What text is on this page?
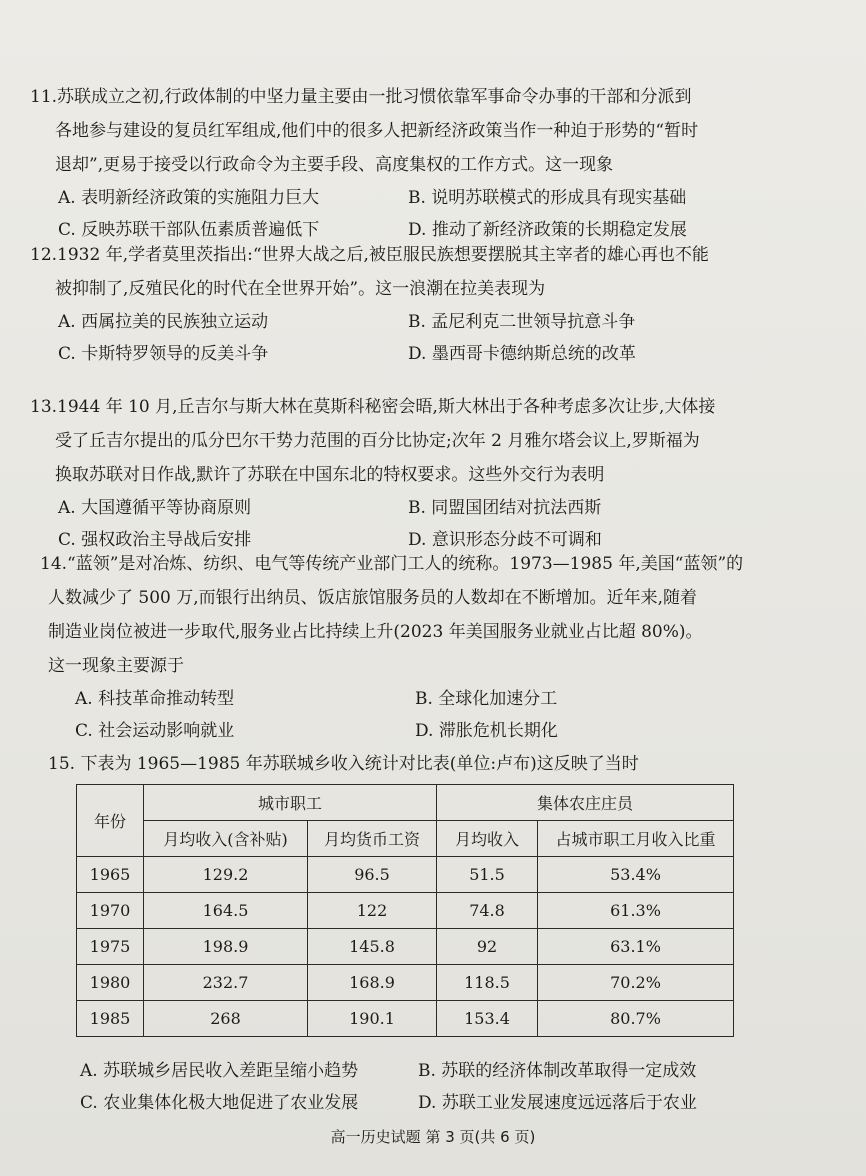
11.苏联成立之初,行政体制的中坚力量主要由一批习惯依靠军事命令办事的干部和分派到
各地参与建设的复员红军组成,他们中的很多人把新经济政策当作一种迫于形势的“暂时
退却”,更易于接受以行政命令为主要手段、高度集权的工作方式。这一现象
A. 表明新经济政策的实施阻力巨大	B. 说明苏联模式的形成具有现实基础
C. 反映苏联干部队伍素质普遍低下	D. 推动了新经济政策的长期稳定发展
12.1932 年,学者莫里茨指出:“世界大战之后,被臣服民族想要摆脱其主宰者的雄心再也不能
被抑制了,反殖民化的时代在全世界开始”。这一浪潮在拉美表现为
A. 西属拉美的民族独立运动	B. 孟尼利克二世领导抗意斗争
C. 卡斯特罗领导的反美斗争	D. 墨西哥卡德纳斯总统的改革
13.1944 年 10 月,丘吉尔与斯大林在莫斯科秘密会晤,斯大林出于各种考虑多次让步,大体接
受了丘吉尔提出的瓜分巴尔干势力范围的百分比协定;次年 2 月雅尔塔会议上,罗斯福为
换取苏联对日作战,默许了苏联在中国东北的特权要求。这些外交行为表明
A. 大国遵循平等协商原则	B. 同盟国团结对抗法西斯
C. 强权政治主导战后安排	D. 意识形态分歧不可调和
14.“蓝领”是对冶炼、纺织、电气等传统产业部门工人的统称。1973—1985 年,美国“蓝领”的
人数减少了 500 万,而银行出纳员、饭店旅馆服务员的人数却在不断增加。近年来,随着
制造业岗位被进一步取代,服务业占比持续上升(2023 年美国服务业就业占比超 80%)。
这一现象主要源于
A. 科技革命推动转型	B. 全球化加速分工
C. 社会运动影响就业	D. 滞胀危机长期化
15. 下表为 1965—1985 年苏联城乡收入统计对比表(单位:卢布)这反映了当时
年份	城市职工		集体农庄庄员	
	月均收入(含补贴)	月均货币工资	月均收入	占城市职工月收入比重
1965	129.2	96.5	51.5	53.4%
1970	164.5	122	74.8	61.3%
1975	198.9	145.8	92	63.1%
1980	232.7	168.9	118.5	70.2%
1985	268	190.1	153.4	80.7%
A. 苏联城乡居民收入差距呈缩小趋势	B. 苏联的经济体制改革取得一定成效
C. 农业集体化极大地促进了农业发展	D. 苏联工业发展速度远远落后于农业
高一历史试题 第 3 页(共 6 页)
